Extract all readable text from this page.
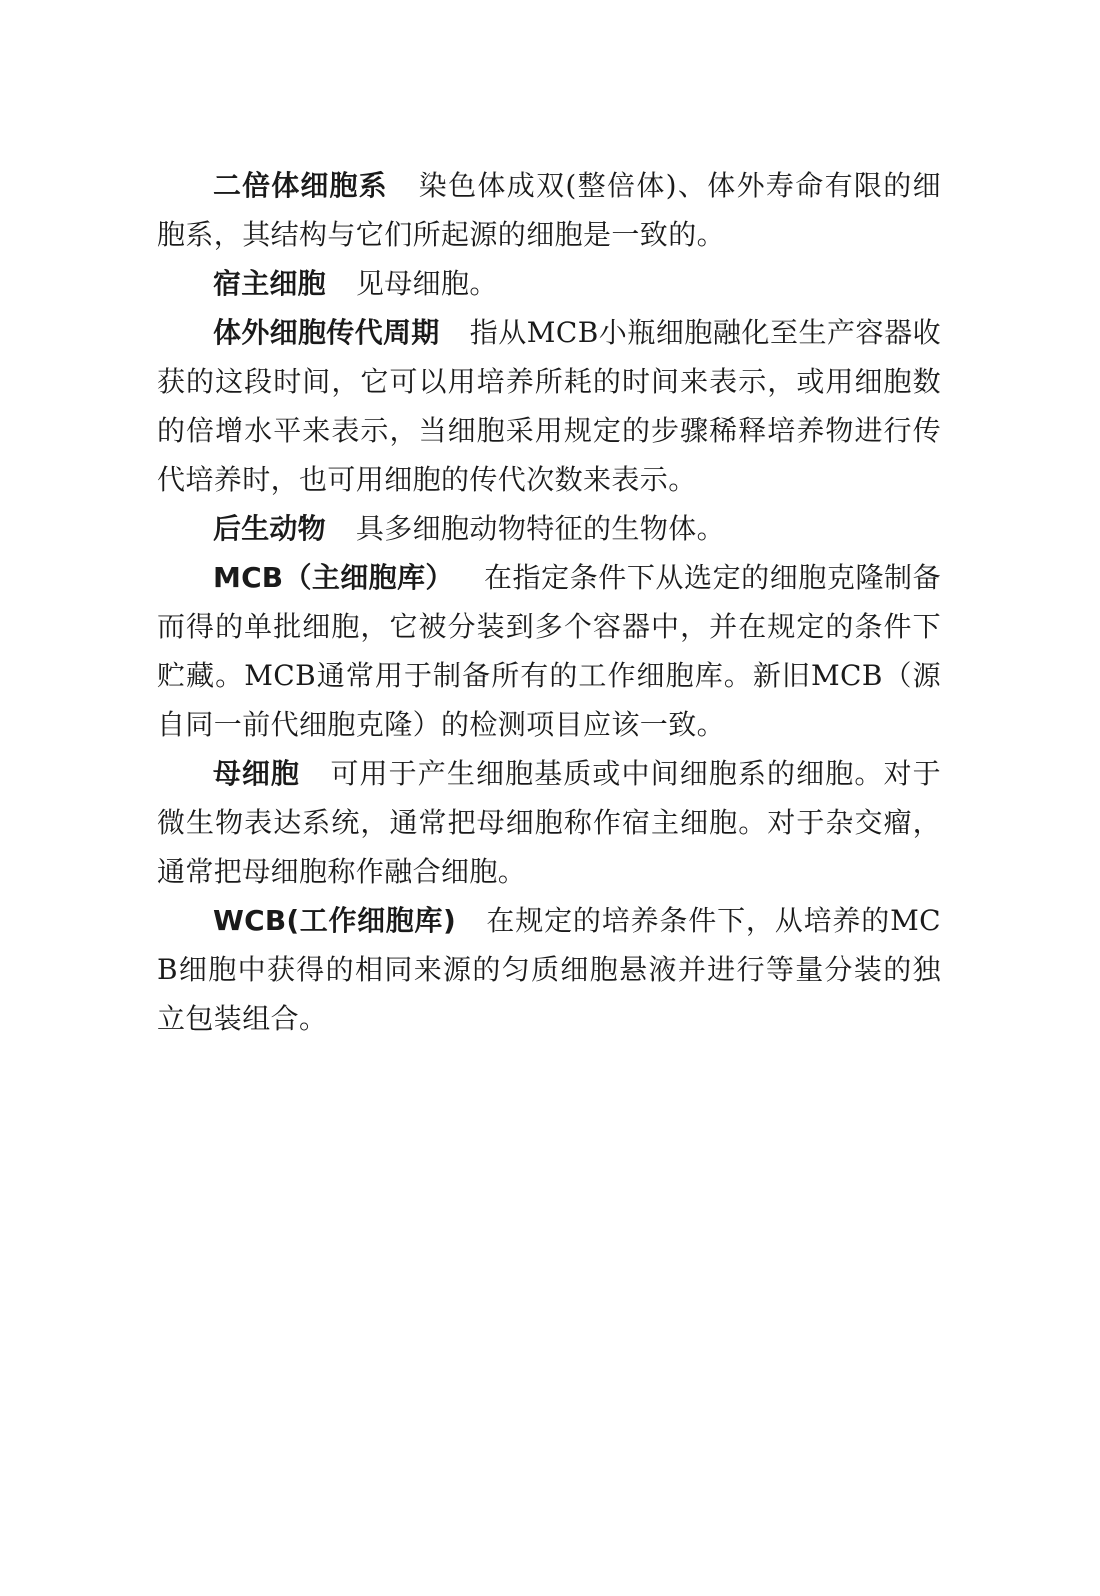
二倍体细胞系 染色体成双(整倍体)、体外寿命有限的细胞系，其结构与它们所起源的细胞是一致的。

宿主细胞 见母细胞。

体外细胞传代周期 指从MCB小瓶细胞融化至生产容器收获的这段时间，它可以用培养所耗的时间来表示，或用细胞数的倍增水平来表示，当细胞采用规定的步骤稀释培养物进行传代培养时，也可用细胞的传代次数来表示。

后生动物 具多细胞动物特征的生物体。

MCB（主细胞库） 在指定条件下从选定的细胞克隆制备而得的单批细胞，它被分装到多个容器中，并在规定的条件下贮藏。MCB通常用于制备所有的工作细胞库。新旧MCB（源自同一前代细胞克隆）的检测项目应该一致。

母细胞 可用于产生细胞基质或中间细胞系的细胞。对于微生物表达系统，通常把母细胞称作宿主细胞。对于杂交瘤，通常把母细胞称作融合细胞。

WCB(工作细胞库) 在规定的培养条件下，从培养的MCB细胞中获得的相同来源的匀质细胞悬液并进行等量分装的独立包装组合。
